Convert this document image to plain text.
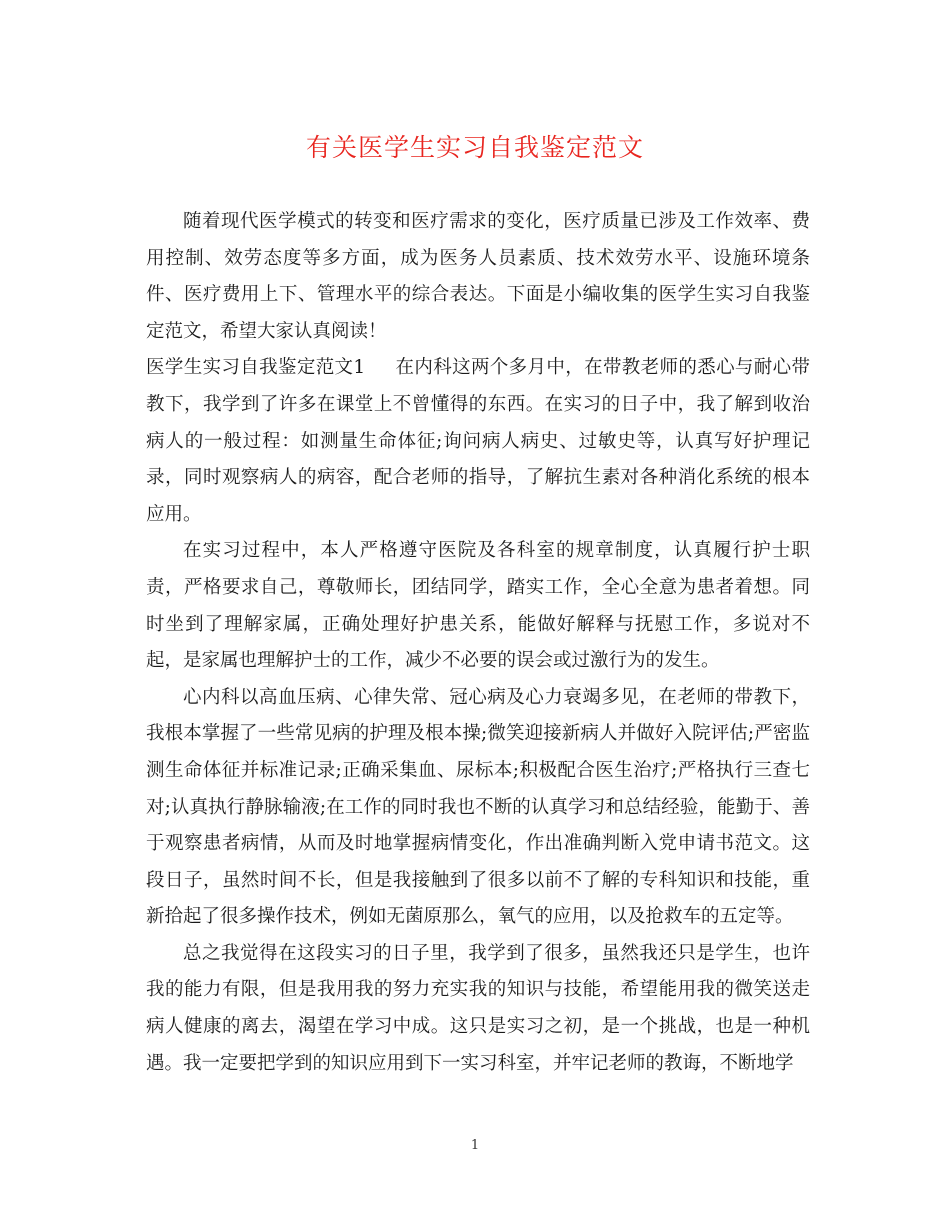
有关医学生实习自我鉴定范文

随着现代医学模式的转变和医疗需求的变化，医疗质量已涉及工作效率、费用控制、效劳态度等多方面，成为医务人员素质、技术效劳水平、设施环境条件、医疗费用上下、管理水平的综合表达。下面是小编收集的医学生实习自我鉴定范文，希望大家认真阅读！

医学生实习自我鉴定范文1 在内科这两个多月中，在带教老师的悉心与耐心带教下，我学到了许多在课堂上不曾懂得的东西。在实习的日子中，我了解到收治病人的一般过程：如测量生命体征;询问病人病史、过敏史等，认真写好护理记录，同时观察病人的病容，配合老师的指导，了解抗生素对各种消化系统的根本应用。

在实习过程中，本人严格遵守医院及各科室的规章制度，认真履行护士职责，严格要求自己，尊敬师长，团结同学，踏实工作，全心全意为患者着想。同时坐到了理解家属，正确处理好护患关系，能做好解释与抚慰工作，多说对不起，是家属也理解护士的工作，减少不必要的误会或过激行为的发生。

心内科以高血压病、心律失常、冠心病及心力衰竭多见，在老师的带教下，我根本掌握了一些常见病的护理及根本操;微笑迎接新病人并做好入院评估;严密监测生命体征并标准记录;正确采集血、尿标本;积极配合医生治疗;严格执行三查七对;认真执行静脉输液;在工作的同时我也不断的认真学习和总结经验，能勤于、善于观察患者病情，从而及时地掌握病情变化，作出准确判断入党申请书范文。这段日子，虽然时间不长，但是我接触到了很多以前不了解的专科知识和技能，重新拾起了很多操作技术，例如无菌原那么，氧气的应用，以及抢救车的五定等。

总之我觉得在这段实习的日子里，我学到了很多，虽然我还只是学生，也许我的能力有限，但是我用我的努力充实我的知识与技能，希望能用我的微笑送走病人健康的离去，渴望在学习中成。这只是实习之初，是一个挑战，也是一种机遇。我一定要把学到的知识应用到下一实习科室，并牢记老师的教诲，不断地学

1
